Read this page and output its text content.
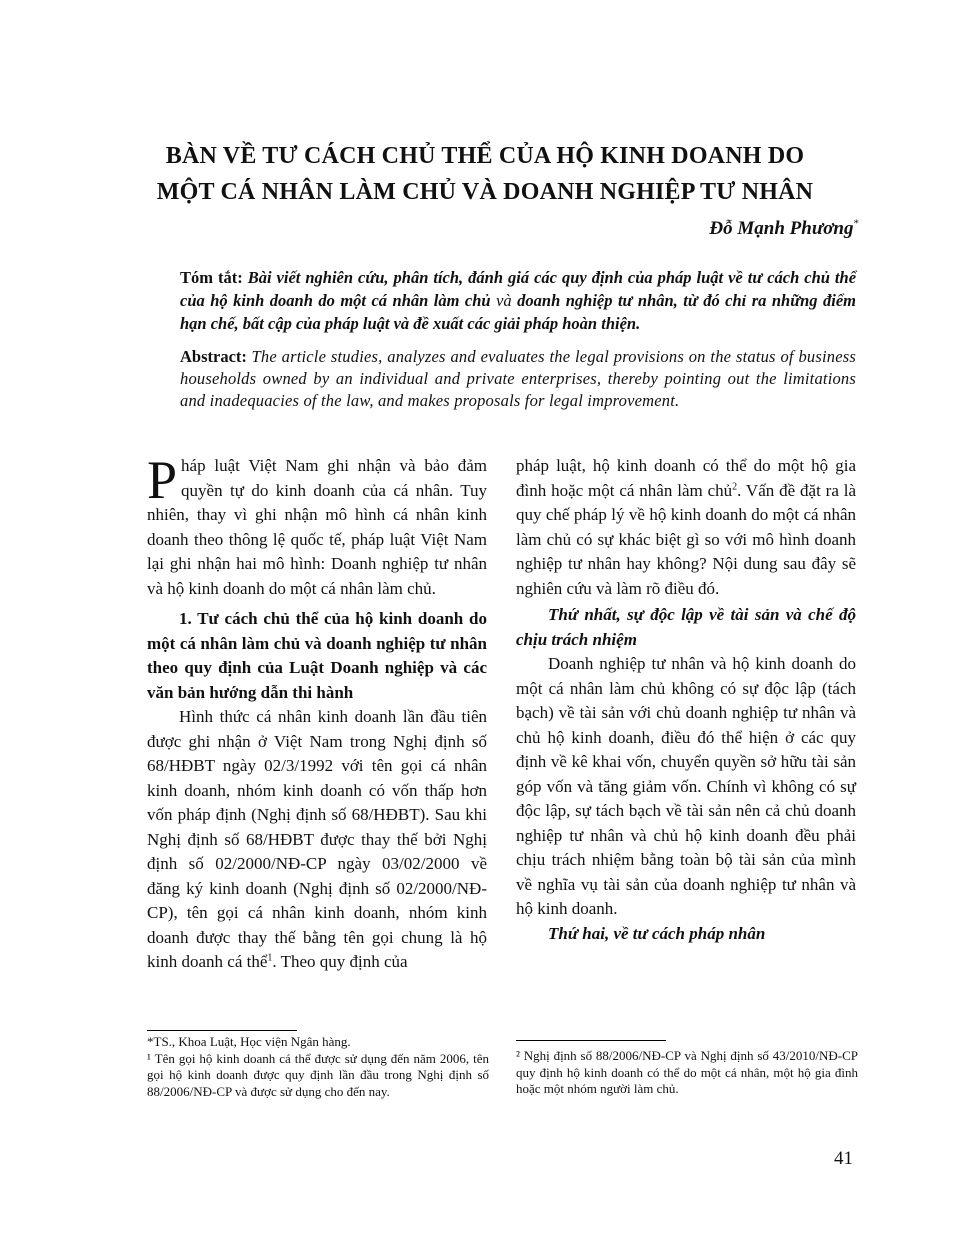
BÀN VỀ TƯ CÁCH CHỦ THỂ CỦA HỘ KINH DOANH DO
MỘT CÁ NHÂN LÀM CHỦ VÀ DOANH NGHIỆP TƯ NHÂN
Đỗ Mạnh Phương*
Tóm tắt: Bài viết nghiên cứu, phân tích, đánh giá các quy định của pháp luật về tư cách chủ thể của hộ kinh doanh do một cá nhân làm chủ và doanh nghiệp tư nhân, từ đó chỉ ra những điểm hạn chế, bất cập của pháp luật và đề xuất các giải pháp hoàn thiện.
Abstract: The article studies, analyzes and evaluates the legal provisions on the status of business households owned by an individual and private enterprises, thereby pointing out the limitations and inadequacies of the law, and makes proposals for legal improvement.

Pháp luật Việt Nam ghi nhận và bảo đảm quyền tự do kinh doanh của cá nhân. Tuy nhiên, thay vì ghi nhận mô hình cá nhân kinh doanh theo thông lệ quốc tế, pháp luật Việt Nam lại ghi nhận hai mô hình: Doanh nghiệp tư nhân và hộ kinh doanh do một cá nhân làm chủ.

1. Tư cách chủ thể của hộ kinh doanh do một cá nhân làm chủ và doanh nghiệp tư nhân theo quy định của Luật Doanh nghiệp và các văn bản hướng dẫn thi hành

Hình thức cá nhân kinh doanh lần đầu tiên được ghi nhận ở Việt Nam trong Nghị định số 68/HĐBT ngày 02/3/1992 với tên gọi cá nhân kinh doanh, nhóm kinh doanh có vốn thấp hơn vốn pháp định (Nghị định số 68/HĐBT). Sau khi Nghị định số 68/HĐBT được thay thế bởi Nghị định số 02/2000/NĐ-CP ngày 03/02/2000 về đăng ký kinh doanh (Nghị định số 02/2000/NĐ-CP), tên gọi cá nhân kinh doanh, nhóm kinh doanh được thay thế bằng tên gọi chung là hộ kinh doanh cá thể$^1$. Theo quy định của

pháp luật, hộ kinh doanh có thể do một hộ gia đình hoặc một cá nhân làm chủ$^2$. Vấn đề đặt ra là quy chế pháp lý về hộ kinh doanh do một cá nhân làm chủ có sự khác biệt gì so với mô hình doanh nghiệp tư nhân hay không? Nội dung sau đây sẽ nghiên cứu và làm rõ điều đó.

Thứ nhất, sự độc lập về tài sản và chế độ chịu trách nhiệm

Doanh nghiệp tư nhân và hộ kinh doanh do một cá nhân làm chủ không có sự độc lập (tách bạch) về tài sản với chủ doanh nghiệp tư nhân và chủ hộ kinh doanh, điều đó thể hiện ở các quy định về kê khai vốn, chuyển quyền sở hữu tài sản góp vốn và tăng giảm vốn. Chính vì không có sự độc lập, sự tách bạch về tài sản nên cả chủ doanh nghiệp tư nhân và chủ hộ kinh doanh đều phải chịu trách nhiệm bằng toàn bộ tài sản của mình về nghĩa vụ tài sản của doanh nghiệp tư nhân và hộ kinh doanh.

Thứ hai, về tư cách pháp nhân

*TS., Khoa Luật, Học viện Ngân hàng.

¹ Tên gọi hộ kinh doanh cá thể được sử dụng đến năm 2006, tên gọi hộ kinh doanh được quy định lần đầu trong Nghị định số 88/2006/NĐ-CP và được sử dụng cho đến nay.

² Nghị định số 88/2006/NĐ-CP và Nghị định số 43/2010/NĐ-CP quy định hộ kinh doanh có thể do một cá nhân, một hộ gia đình hoặc một nhóm người làm chủ.

41
